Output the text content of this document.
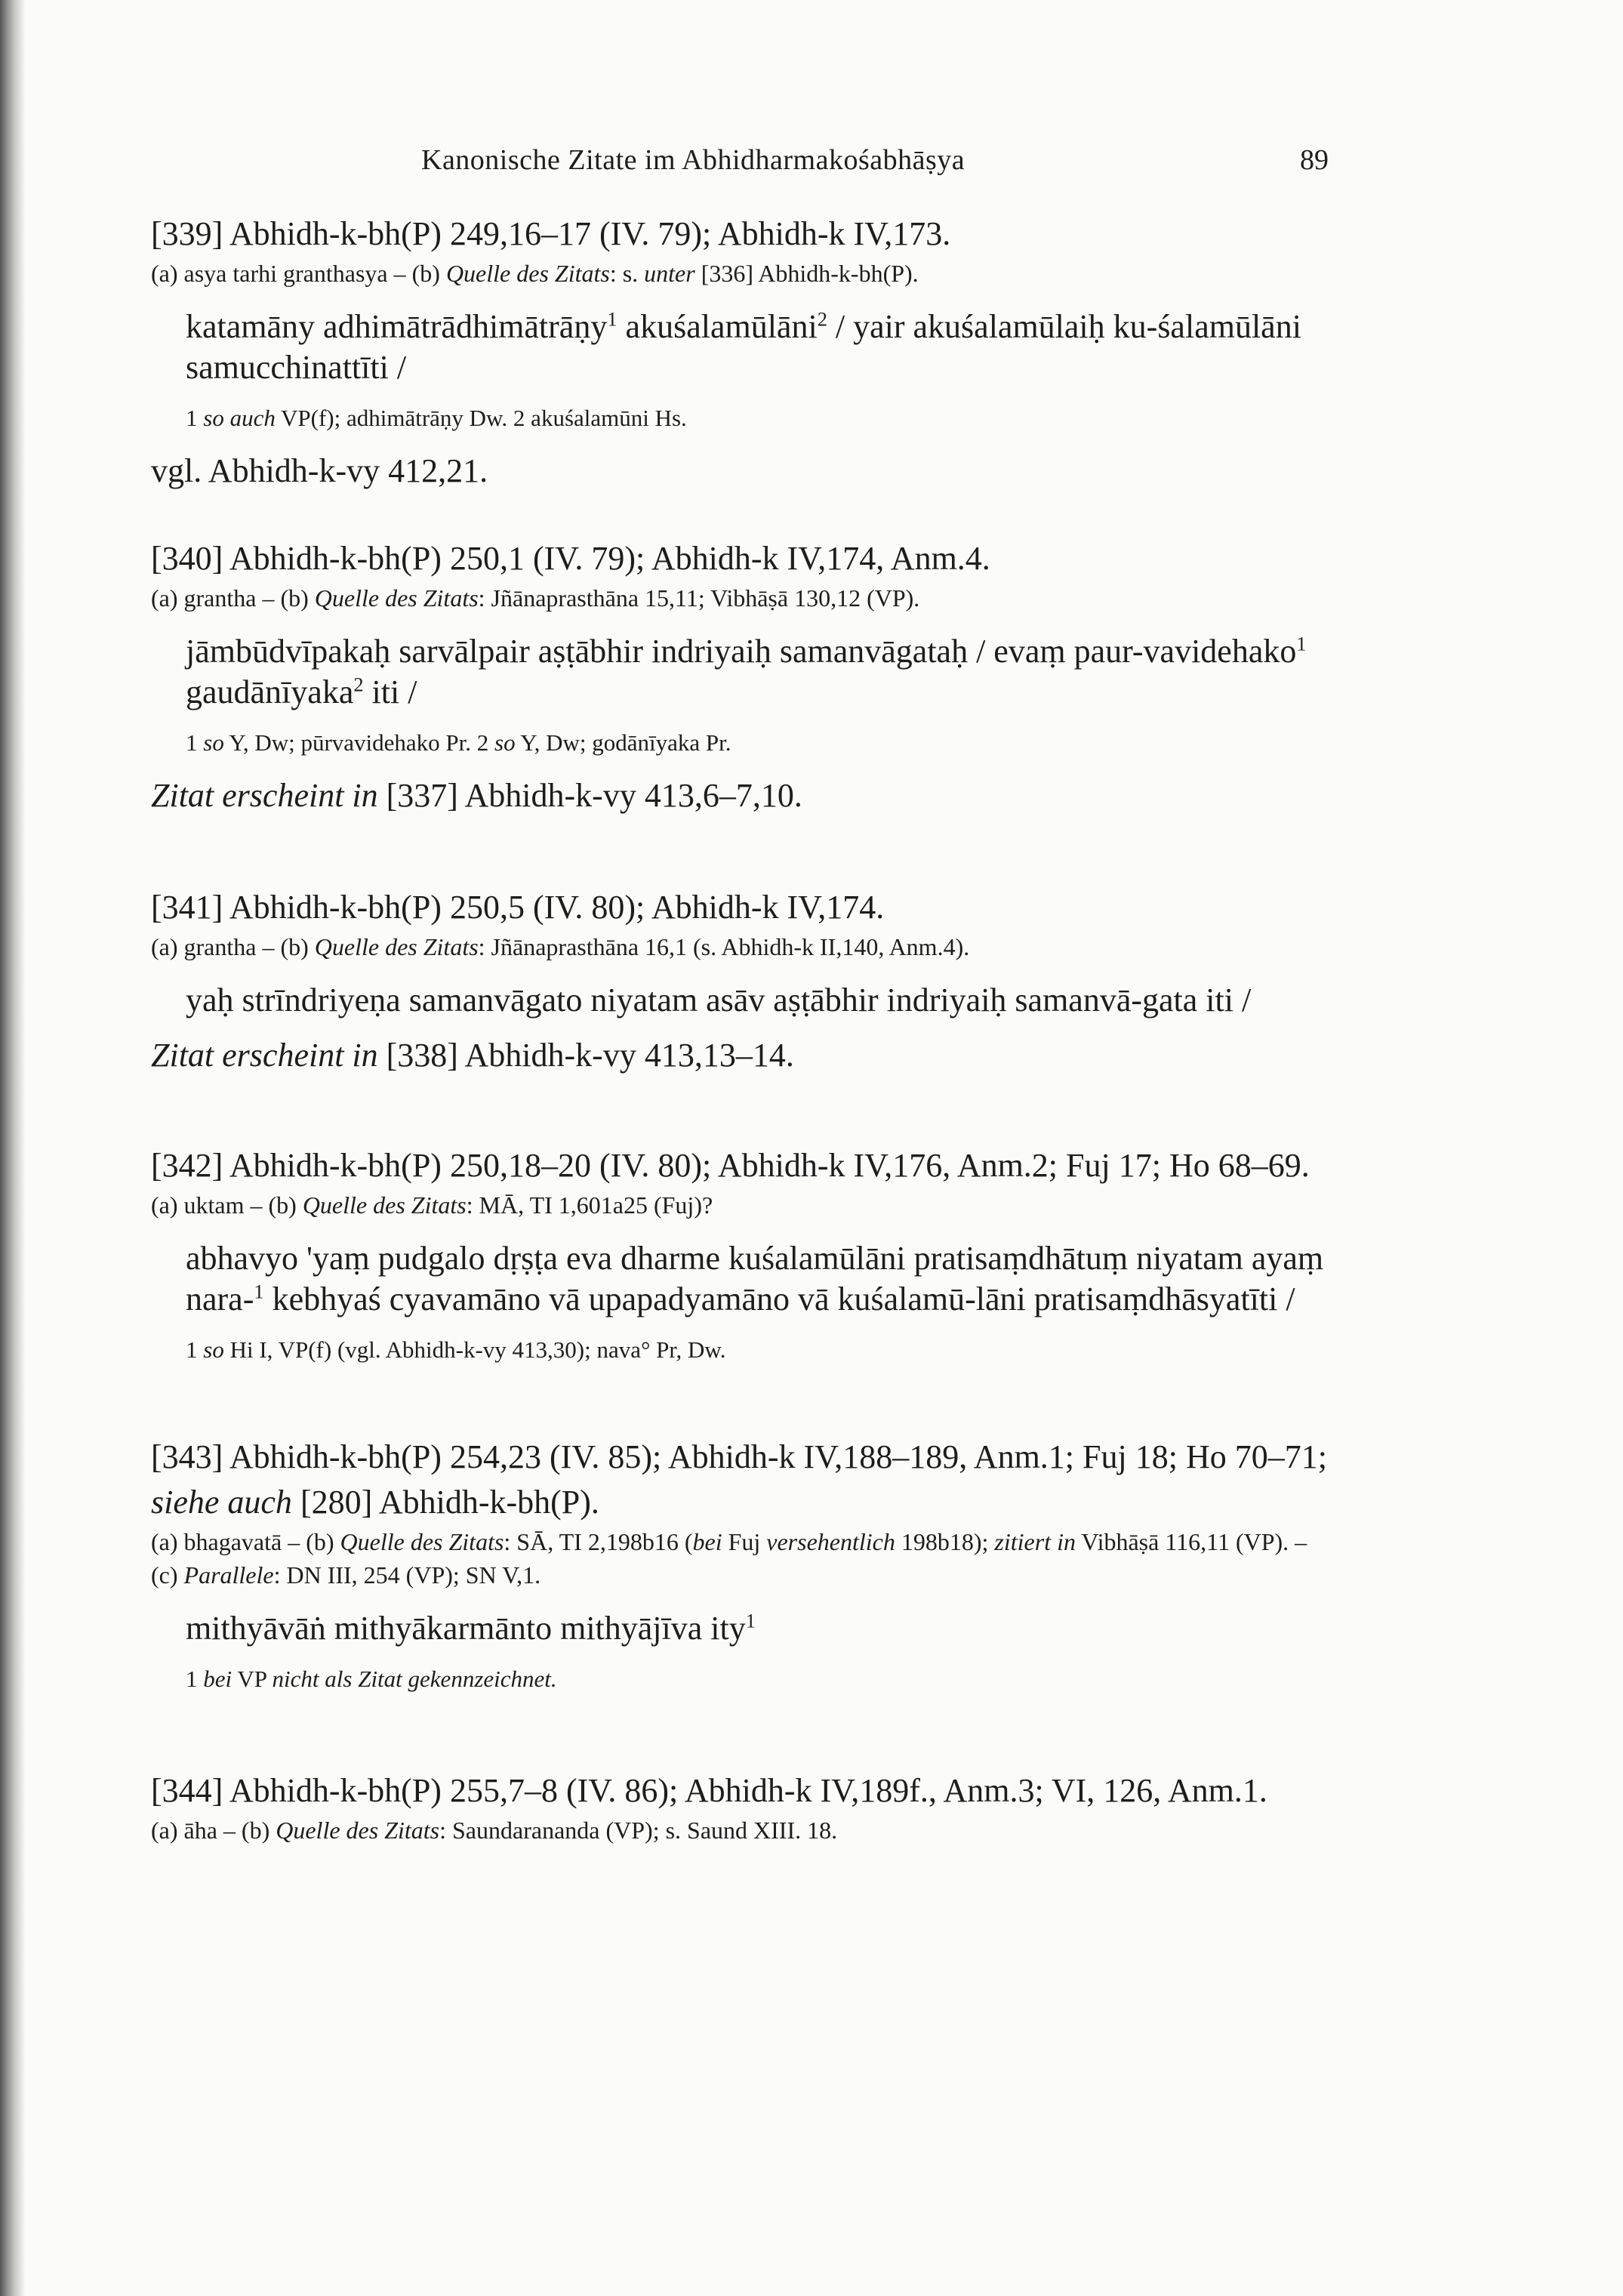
Kanonische Zitate im Abhidharmakośabhāṣya	89

[339] Abhidh-k-bh(P) 249,16–17 (IV. 79); Abhidh-k IV,173.

(a) asya tarhi granthasya – (b) Quelle des Zitats: s. unter [336] Abhidh-k-bh(P).

katamāny adhimātrādhimātrāṇy$^1$ akuśalamūlāni$^2$ / yair akuśalamūlaiḥ ku-śalamūlāni samucchinattīti /

1 so auch VP(f); adhimātrāṇy Dw. 2 akuśalamūni Hs.

vgl. Abhidh-k-vy 412,21.

[340] Abhidh-k-bh(P) 250,1 (IV. 79); Abhidh-k IV,174, Anm.4.

(a) grantha – (b) Quelle des Zitats: Jñānaprasthāna 15,11; Vibhāṣā 130,12 (VP).

jāmbūdvīpakaḥ sarvālpair aṣṭābhir indriyaiḥ samanvāgataḥ / evaṃ paur-vavidehako$^1$ gaudānīyaka$^2$ iti /

1 so Y, Dw; pūrvavidehako Pr. 2 so Y, Dw; godānīyaka Pr.

Zitat erscheint in [337] Abhidh-k-vy 413,6–7,10.

[341] Abhidh-k-bh(P) 250,5 (IV. 80); Abhidh-k IV,174.

(a) grantha – (b) Quelle des Zitats: Jñānaprasthāna 16,1 (s. Abhidh-k II,140, Anm.4).

yaḥ strīndriyeṇa samanvāgato niyatam asāv aṣṭābhir indriyaiḥ samanvā-gata iti /

Zitat erscheint in [338] Abhidh-k-vy 413,13–14.

[342] Abhidh-k-bh(P) 250,18–20 (IV. 80); Abhidh-k IV,176, Anm.2; Fuj 17; Ho 68–69.

(a) uktam – (b) Quelle des Zitats: MĀ, TI 1,601a25 (Fuj)?

abhavyo 'yaṃ pudgalo dṛṣṭa eva dharme kuśalamūlāni pratisaṃdhātuṃ niyatam ayaṃ nara-$^1$ kebhyaś cyavamāno vā upapadyamāno vā kuśalamū-lāni pratisaṃdhāsyatīti /

1 so Hi I, VP(f) (vgl. Abhidh-k-vy 413,30); nava° Pr, Dw.

[343] Abhidh-k-bh(P) 254,23 (IV. 85); Abhidh-k IV,188–189, Anm.1; Fuj 18; Ho 70–71; siehe auch [280] Abhidh-k-bh(P).

(a) bhagavatā – (b) Quelle des Zitats: SĀ, TI 2,198b16 (bei Fuj versehentlich 198b18); zitiert in Vibhāṣā 116,11 (VP). – (c) Parallele: DN III, 254 (VP); SN V,1.

mithyāvāṅ mithyākarmānto mithyājīva ity$^1$

1 bei VP nicht als Zitat gekennzeichnet.

[344] Abhidh-k-bh(P) 255,7–8 (IV. 86); Abhidh-k IV,189f., Anm.3; VI, 126, Anm.1.

(a) āha – (b) Quelle des Zitats: Saundarananda (VP); s. Saund XIII. 18.
